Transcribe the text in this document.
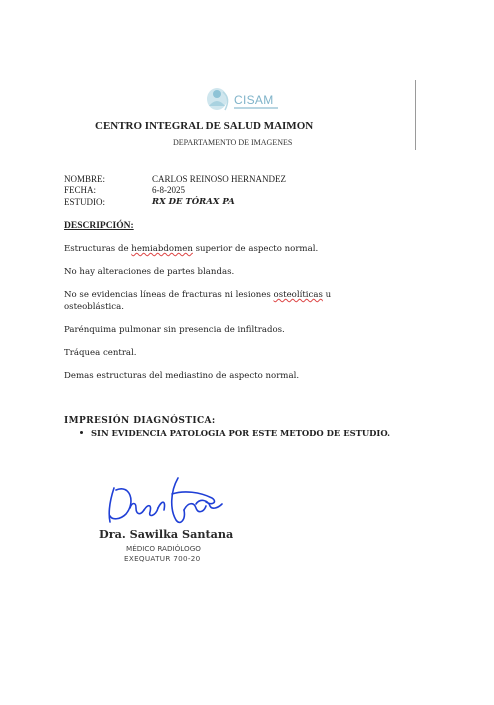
CISAM
CENTRO INTEGRAL DE SALUD MAIMON
DEPARTAMENTO DE IMAGENES
NOMBRE:	CARLOS REINOSO HERNANDEZ
FECHA:	6-8-2025
ESTUDIO:	RX DE TÓRAX PA
DESCRIPCIÓN:
Estructuras de hemiabdomen superior de aspecto normal.
No hay alteraciones de partes blandas.
No se evidencias líneas de fracturas ni lesiones osteolíticas u osteoblástica.
Parénquima pulmonar sin presencia de infiltrados.
Tráquea central.
Demas estructuras del mediastino de aspecto normal.
IMPRESIÓN DIAGNÓSTICA:
SIN EVIDENCIA PATOLOGIA POR ESTE METODO DE ESTUDIO.
Dra. Sawilka Santana
MÉDICO RADIÓLOGO
EXEQUATUR 700-20
